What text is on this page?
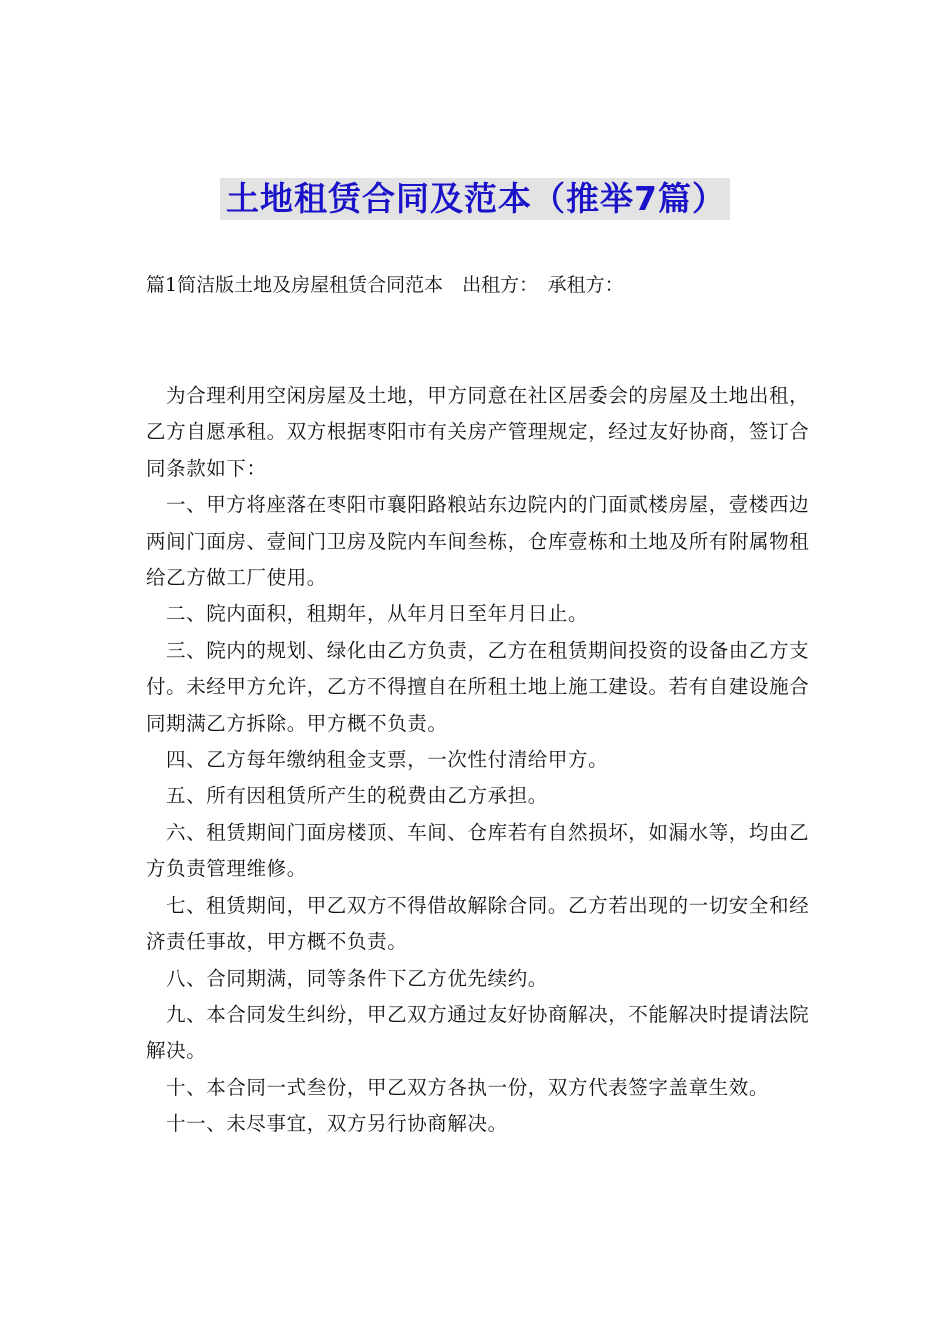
土地租赁合同及范本（推举7篇）
篇1简洁版土地及房屋租赁合同范本　出租方：　承租方：

为合理利用空闲房屋及土地，甲方同意在社区居委会的房屋及土地出租，乙方自愿承租。双方根据枣阳市有关房产管理规定，经过友好协商，签订合同条款如下：

一、甲方将座落在枣阳市襄阳路粮站东边院内的门面贰楼房屋，壹楼西边两间门面房、壹间门卫房及院内车间叁栋，仓库壹栋和土地及所有附属物租给乙方做工厂使用。

二、院内面积，租期年，从年月日至年月日止。

三、院内的规划、绿化由乙方负责，乙方在租赁期间投资的设备由乙方支付。未经甲方允许，乙方不得擅自在所租土地上施工建设。若有自建设施合同期满乙方拆除。甲方概不负责。

四、乙方每年缴纳租金支票，一次性付清给甲方。

五、所有因租赁所产生的税费由乙方承担。

六、租赁期间门面房楼顶、车间、仓库若有自然损坏，如漏水等，均由乙方负责管理维修。

七、租赁期间，甲乙双方不得借故解除合同。乙方若出现的一切安全和经济责任事故，甲方概不负责。

八、合同期满，同等条件下乙方优先续约。

九、本合同发生纠纷，甲乙双方通过友好协商解决，不能解决时提请法院解决。

十、本合同一式叁份，甲乙双方各执一份，双方代表签字盖章生效。

十一、未尽事宜，双方另行协商解决。
